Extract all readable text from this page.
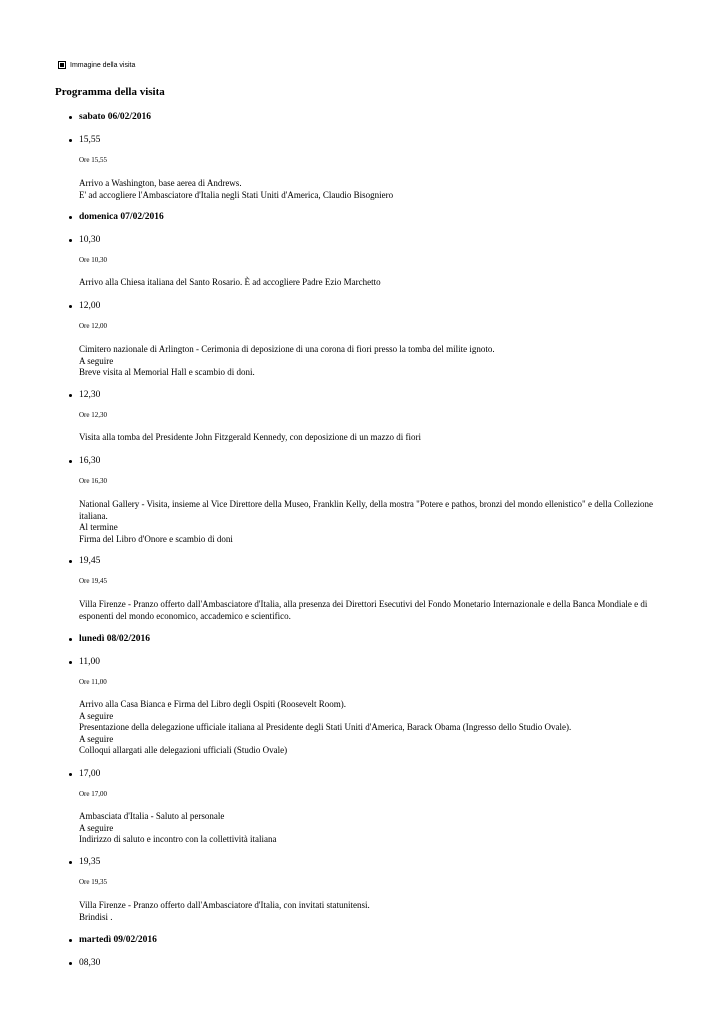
Immagine della visita
Programma della visita
sabato 06/02/2016
15,55
Ore 15,55
Arrivo a Washington, base aerea di Andrews.
E' ad accogliere l'Ambasciatore d'Italia negli Stati Uniti d'America, Claudio Bisogniero
domenica 07/02/2016
10,30
Ore 10,30
Arrivo alla Chiesa italiana del Santo Rosario. È ad accogliere Padre Ezio Marchetto
12,00
Ore 12,00
Cimitero nazionale di Arlington - Cerimonia di deposizione di una corona di fiori presso la tomba del milite ignoto.
A seguire
Breve visita al Memorial Hall e scambio di doni.
12,30
Ore 12,30
Visita alla tomba del Presidente John Fitzgerald Kennedy, con deposizione di un mazzo di fiori
16,30
Ore 16,30
National Gallery - Visita, insieme al Vice Direttore della Museo, Franklin Kelly, della mostra "Potere e pathos, bronzi del mondo ellenistico" e della Collezione
italiana.
Al termine
Firma del Libro d'Onore e scambio di doni
19,45
Ore 19,45
Villa Firenze - Pranzo offerto dall'Ambasciatore d'Italia, alla presenza dei Direttori Esecutivi del Fondo Monetario Internazionale e della Banca Mondiale e di
esponenti del mondo economico, accademico e scientifico.
lunedì 08/02/2016
11,00
Ore 11,00
Arrivo alla Casa Bianca e Firma del Libro degli Ospiti (Roosevelt Room).
A seguire
Presentazione della delegazione ufficiale italiana al Presidente degli Stati Uniti d'America, Barack Obama (Ingresso dello Studio Ovale).
A seguire
Colloqui allargati alle delegazioni ufficiali (Studio Ovale)
17,00
Ore 17,00
Ambasciata d'Italia - Saluto al personale
A seguire
Indirizzo di saluto e incontro con la collettività italiana
19,35
Ore 19,35
Villa Firenze - Pranzo offerto dall'Ambasciatore d'Italia, con invitati statunitensi.
Brindisi .
martedì 09/02/2016
08,30
